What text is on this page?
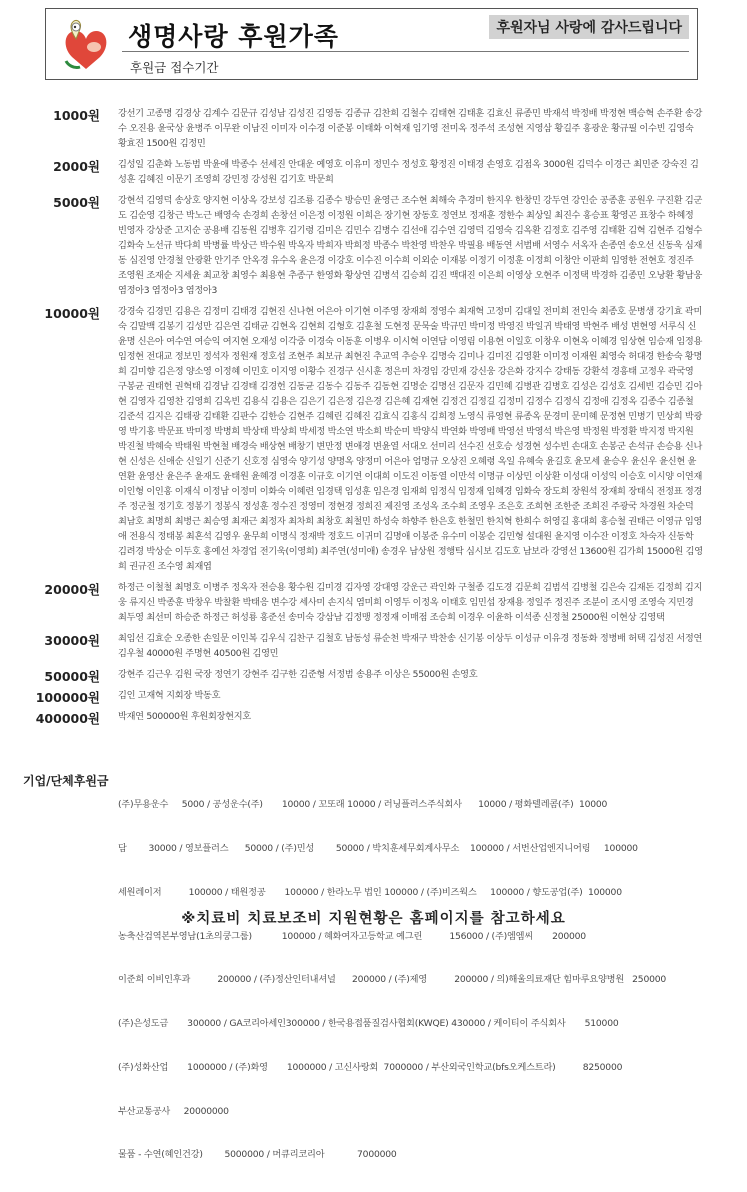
생명사랑 후원가족
후원금 접수기간
후원자님 사랑에 감사드립니다
1000원 강선기 고종명 김경상 김계수 김문규 김성남 김성진 김영동 김종규 김찬희 김철수 김태현 김태훈 김효신 류종민 박재석 박정배 박정현 백승혁 손주환 송강수 오진용 윤국상 윤병주 이무완 이남진 이미자 이수경 이준봉 이태화 이혁재 임기영 전미옥 정주석 조성현 지영삼 황길주 홍광운 황규필 이수빈 김영숙 황효진 1500원 김정민
2000원 김성일 김춘화 노동범 박윤애 박종수 선세진 안대운 예영호 이유미 정민수 정성호 황정진 이태경 손영호 김점옥 3000원 김덕수 이경근 최민준 강숙진 김성훈 김혜진 이문기 조영희 강민정 강성원 김기호 박문희
5000원 강현석 김영덕 송상호 양지현 이상옥 강보성 김조룡 김종수 방승민 윤영근 조수현 최해숙 추경미 한지우 한창민 강두연 강인순 공종훈 공원우 구진환 김군도 김순영 김창근 박노근 배영숙 손경희 손창선 이은정 이정원 이희은 장기현 장동호 정연보 정재훈 정한수 최상일 최진수 홍승표 황영곤 표창수 하혜정 빈영자 강상준 고지순 공용배 김동원 김병후 김기령 김미은 김민수 김병수 김선애 김수연 김영덕 김영숙 김옥환 김정호 김주영 김태환 김혁 김현주 김형수 김화숙 노선규 박다희 박병률 박상근 박수원 박옥자 박희자 박희정 박종수 박찬영 박찬우 박필용 배동연 서범배 서영수 서옥자 손종연 송오선 신동욱 심재동 심진영 안경철 안광환 안기주 안옥경 유수옥 윤은경 이강호 이수진 이수희 이외순 이재봉 이정기 이정훈 이정희 이창안 이판희 임영한 전현호 정진주 조영원 조재순 지세윤 최교창 최영수 최용현 추종구 한영화 황상연 김병석 김승희 김진 백대진 이은희 이영상 오현주 이정택 박경하 김종민 오낭환 황남웅 염정아3 염정아3 염정아3
10000원 강경숙 김경민 김용은 김정미 김태경 김현진 신나현 어은아 이기현 이주영 장재희 정영수 최재혁 고정미 김대일 전미희 전인숙 최종호 문병생 강기효 곽미숙 김말백 김봉기 김성만 김은연 김태균 김현옥 김현희 김형호 김훈철 도현정 문묵술 박규민 박미정 박영진 박일귀 박태영 박현주 배성 변현영 서루식 신윤명 신은아 여수연 여승익 여지현 오재성 이각중 이경숙 이동훈 이병우 이시혁 이연담 이영림 이용현 이일호 이창우 이현옥 이혜경 임상현 임승재 임정용 임정현 전대교 정보민 정석자 정원재 정호섭 조현주 최보규 최현진 추교역 추승우 김명숙 김미나 김미진 김영환 이미정 이재원 최영숙 허대경 한송숙 황명희 김미향 김은정 양소영 이정혜 이민호 이지영 이황수 진경구 신시훈 정은미 차경임 강민재 강신웅 강은화 강지수 강태동 강환석 경흥태 고정우 곽국영 구봉균 권태헌 권혁태 김경남 김경태 김경헌 김동균 김동수 김동주 김동현 김명순 김명선 김문자 김민혜 김병관 김병호 김성은 김성호 김세빈 김승민 김아현 김영자 김영찬 김영희 김옥빈 김용식 김용은 김은기 김은정 김은경 김은혜 김재현 김정건 김정길 김정미 김정수 김정식 김정애 김정옥 김종수 김종철 김준석 김지은 김태광 김태환 김판수 김한승 김현주 김혜린 김혜진 김효식 김홍식 김희정 노영식 류영현 류종옥 문경미 문미혜 문정현 민병기 민상희 박광영 박기홍 박문표 박미정 박병희 박상태 박상희 박세정 박소연 박소희 박순미 박양식 박연화 박영배 박영선 박영석 박은영 박정원 박정환 박지정 박지원 박진철 박혜숙 박태원 박현철 배경숙 배상현 배창기 변만정 변애경 변윤열 서대오 선미리 선수진 선호승 성경현 성수빈 손대호 손봉군 손석규 손승용 신나현 신성은 신애순 신일기 신준기 신호정 심영숙 양기성 양명옥 양정미 어은아 엄명규 오상진 오혜령 옥일 유혜숙 윤길호 윤모세 윤승우 윤신우 윤신현 윤연환 윤영산 윤은주 윤재도 윤태원 윤혜경 이경훈 이규호 이기연 이대희 이도진 이동열 이만석 이명규 이상민 이상환 이성대 이성익 이승호 이시양 이연재 이인형 이인홍 이재식 이정남 이정미 이화숙 이혜련 임경택 임성훈 임은경 임재희 임정식 임정재 임혜경 임화숙 장도희 장원석 장재희 장태식 전정표 정경주 정군철 정기호 정봉기 정봉식 정성훈 정수진 정영미 정현경 정희진 제진영 조성옥 조수희 조영우 조은호 조희현 조한준 조희진 주광국 차경원 차순덕 최남호 최명희 최병근 최승영 최재근 최정자 최차희 최창호 최철민 하성숙 하향주 한은호 한철민 한치혁 한희수 허영길 홍대희 홍승철 권태근 이영규 임영애 전용식 정태봉 최혼석 김영우 윤무희 이명식 정재박 정호드 이귀미 김명애 이봉준 유수미 이봉순 김민형 설대원 윤지영 이수잔 이정호 차숙자 신동학 김려경 박상순 이두호 홍예선 차경업 전기욱(이영희) 최주연(성미애) 송경우 남상원 정행탁 심시보 김도호 남보라 강영선 13600원 김가희 15000원 김영희 권규진 조수영 최재엽
20000원 하정근 이철철 최명호 이병주 정옥자 전승용 황수원 김미경 김자영 강대영 강운근 곽인화 구철종 김도경 김문희 김범석 김병철 김은숙 김재돈 김정희 김지웅 류지신 박종훈 박창우 박찰환 박태응 변수강 세사미 손지식 염미희 이영두 이정옥 이태호 임민섭 장재용 정일주 정진주 조분이 조시영 조영숙 지민경 최두영 최선미 하승준 하정근 허성룡 홍준선 송미숙 강삼남 김정맹 정정재 이매점 조승희 이경우 이윤하 이석종 신정철 25000원 이현상 김영택
30000원 최임선 김효순 오종한 손일문 이인복 김우식 김찬구 김철호 남동성 류순천 박재구 박찬송 신기봉 이상두 이성규 이유경 정동화 정병배 허택 김성진 서정연 김우철 40000원 주명현 40500원 김영민
50000원 강현주 김근우 김원 국장 정연기 강현주 김구한 김준형 서정범 송용주 이상은 55000원 손영호
100000원 김인 고재혁 지회장 박동호
400000원 박재연 500000원 후원회장현지호
기업/단체후원금

(주)무용운수     5000 / 공성운수(주)       10000 / 꼬또래 10000 / 러닝플러스주식회사      10000 / 평화텔레콤(주)  10000

담        30000 / 영보플러스      50000 / (주)민성        50000 / 박치훈세무회계사무소    100000 / 서번산업엔지니어링     100000

세원레이저          100000 / 태원정공       100000 / 한라노무 법인 100000 / (주)비즈웍스     100000 / 향도공업(주)  100000

농축산검역본부영남(1초의쿵그룹)           100000 / 혜화여자고등학교 예그린          156000 / (주)엠엠씨       200000

이준희 이비인후과          200000 / (주)정산인터내셔널      200000 / (주)제영          200000 / 의)해울의료재단 힘마루요양병원   250000

(주)은성도금       300000 / GA코리아세인300000 / 한국용접품질검사협회(KWQE) 430000 / 케이티이 주식회사       510000

(주)성화산업       1000000 / (주)화영       1000000 / 고신사랑회  7000000 / 부산외국인학교(bfs오케스트라)          8250000

부산교통공사     20000000

물품 - 수연(혜인건강)        5000000 / 머큐리코리아            7000000

※치료비 치료보조비 지원현황은 홈페이지를 참고하세요
